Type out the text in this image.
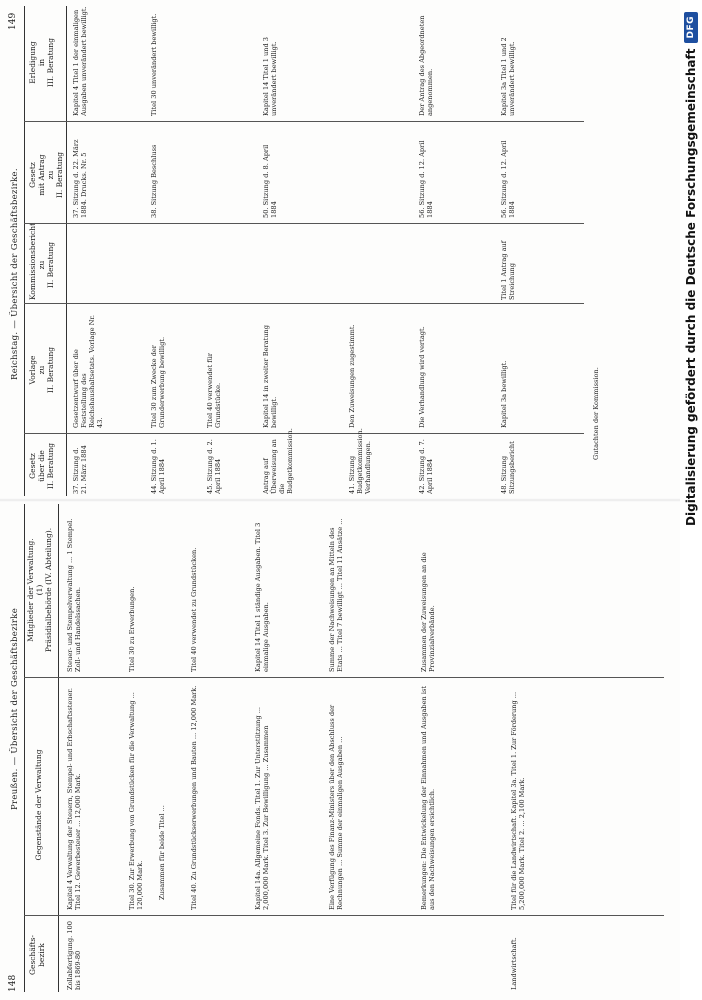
148
Preußen. — Übersicht der Geschäftsbezirke
Geschäfts-
bezirk
Gegenstände der Verwaltung
Mitglieder der Verwaltung.
(1)
Präsidialbehörde (IV. Abteilung).
Zollabfertigung. 100 bis 1869-80
Kapitel 4 Verwaltung der Steuern, Stempel- und Erbschaftssteuer. Titel 12. Gewerbesteuer ... 12,000 Mark.
Steuer- und Stempelverwaltung ... 1 Stempel. Zoll- und Handelssachen.
Titel 30. Zur Erwerbung von Grundstücken für die Verwaltung ... 120,000 Mark.
Titel 30 zu Erwerbungen.
Zusammen für beide Titel ...	Titel 40. Zu Grundstückserwerbungen und Bauten ... 12,000 Mark.
Titel 40 verwendet zu Grundstücken.
Kapitel 14a. Allgemeine Fonds. Titel 1. Zur Unterstützung ... 2,000,000 Mark. Titel 3. Zur Bewilligung ... Zusammen
Kapitel 14 Titel 1 ständige Ausgaben. Titel 3 einmalige Ausgaben.
Eine Verfügung des Finanz-Ministers über den Abschluss der Rechnungen ... Summe der einmaligen Ausgaben ...
Summe der Nachweisungen an Mitteln des Etats ... Titel 7 bewilligt ... Titel 11 Ansätze ...
Bemerkungen: Die Entwickelung der Einnahmen und Ausgaben ist aus den Nachweisungen ersichtlich.
Zusammen der Zuweisungen an die Provinzialverbände.
Landwirtschaft.
Titel für die Landwirtschaft. Kapitel 3a. Titel 1. Zur Förderung ... 5,200,000 Mark. Titel 2. ... 2,100 Mark.
Reichstag. — Übersicht der Geschäftsbezirke.
149
Gesetz
über die
II. Beratung
Vorlage
zu
II. Beratung
Kommissionsbericht
zu
II. Beratung
Gesetz
mit Antrag
zu
II. Beratung
Erledigung
in
III. Beratung
37. Sitzung d. 21. März 1884
Gesetzentwurf über die Feststellung des Reichshaushaltsetats. Vorlage Nr. 43.
37. Sitzung d. 22. März 1884. Drucks. Nr. 5
Kapitel 4 Titel 1 der einmaligen Ausgaben unverändert bewilligt.
44. Sitzung d. 1. April 1884
Titel 30 zum Zwecke der Grunderwerbung bewilligt.
38. Sitzung Beschluss
Titel 30 unverändert bewilligt.
45. Sitzung d. 2. April 1884
Titel 40 verwendet für Grundstücke.
Antrag auf Überweisung an die Budgetkommission.
Kapitel 14 in zweiter Beratung bewilligt.
50. Sitzung d. 8. April 1884
Kapitel 14 Titel 1 und 3 unverändert bewilligt.
41. Sitzung Budgetkommission. Verhandlungen.
Den Zuweisungen zugestimmt.
42. Sitzung d. 7. April 1884
Die Verhandlung wird vertagt.
56. Sitzung d. 12. April 1884
Der Antrag des Abgeordneten angenommen.
48. Sitzung Sitzungsbericht
Kapitel 3a bewilligt.
Titel 1 Antrag auf Streichung
56. Sitzung d. 12. April 1884
Kapitel 3a Titel 1 und 2 unverändert bewilligt.
Gutachten der Kommission.	Digitalisierung gefördert durch die Deutsche Forschungsgemeinschaft
DFG
